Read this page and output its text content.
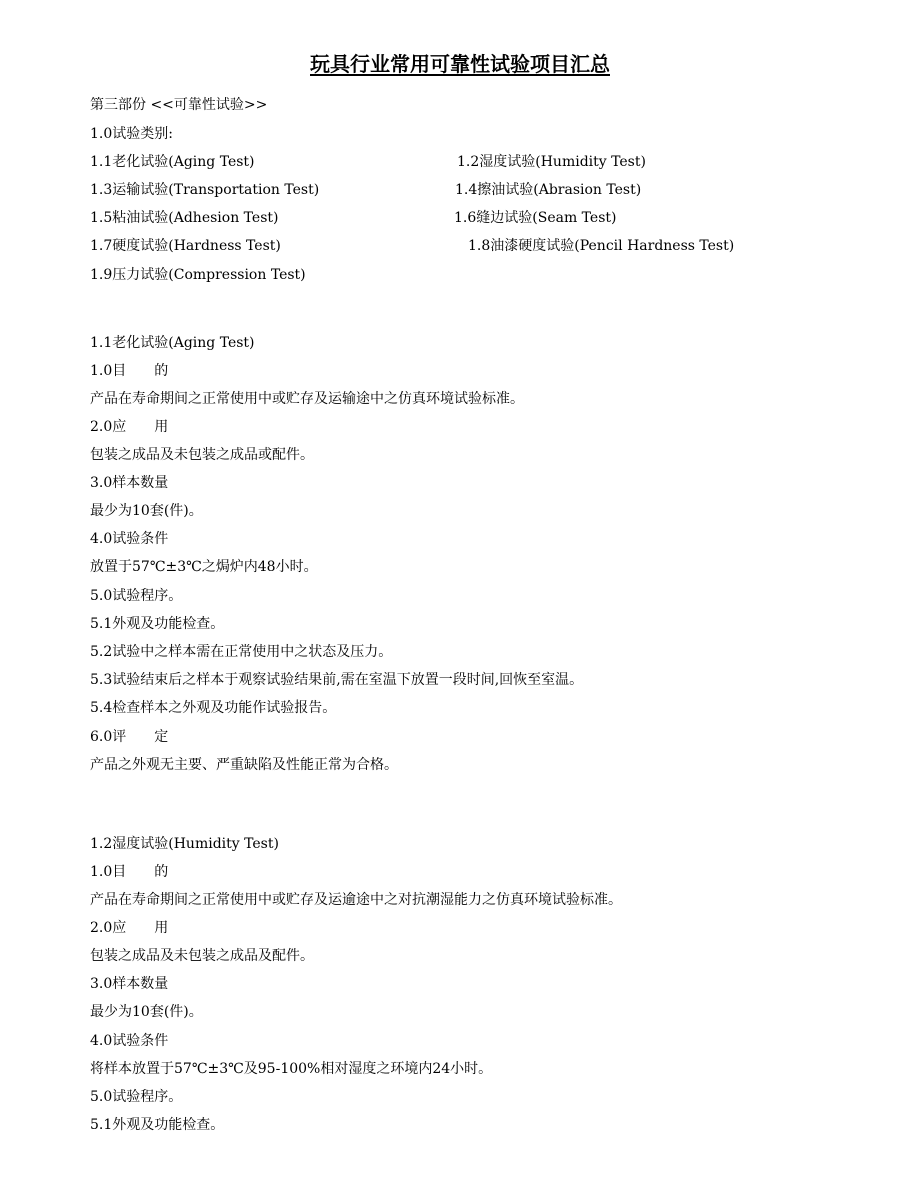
玩具行业常用可靠性试验项目汇总
第三部份 <<可靠性试验>>
1.0试验类别:
1.1老化试验(Aging Test)	1.2湿度试验(Humidity Test)
1.3运输试验(Transportation Test)	1.4擦油试验(Abrasion Test)
1.5粘油试验(Adhesion Test)	1.6缝边试验(Seam Test)
1.7硬度试验(Hardness Test)	1.8油漆硬度试验(Pencil Hardness Test)
1.9压力试验(Compression Test)
1.1老化试验(Aging Test)
1.0目　　的
产品在寿命期间之正常使用中或贮存及运输途中之仿真环境试验标准。
2.0应　　用
包装之成品及未包装之成品或配件。
3.0样本数量
最少为10套(件)。
4.0试验条件
放置于57℃±3℃之焗炉内48小时。
5.0试验程序。
5.1外观及功能检查。
5.2试验中之样本需在正常使用中之状态及压力。
5.3试验结束后之样本于观察试验结果前,需在室温下放置一段时间,回恢至室温。
5.4检查样本之外观及功能作试验报告。
6.0评　　定
产品之外观无主要、严重缺陷及性能正常为合格。
1.2湿度试验(Humidity Test)
1.0目　　的
产品在寿命期间之正常使用中或贮存及运逾途中之对抗潮湿能力之仿真环境试验标准。
2.0应　　用
包装之成品及未包装之成品及配件。
3.0样本数量
最少为10套(件)。
4.0试验条件
将样本放置于57℃±3℃及95-100%相对湿度之环境内24小时。
5.0试验程序。
5.1外观及功能检查。
